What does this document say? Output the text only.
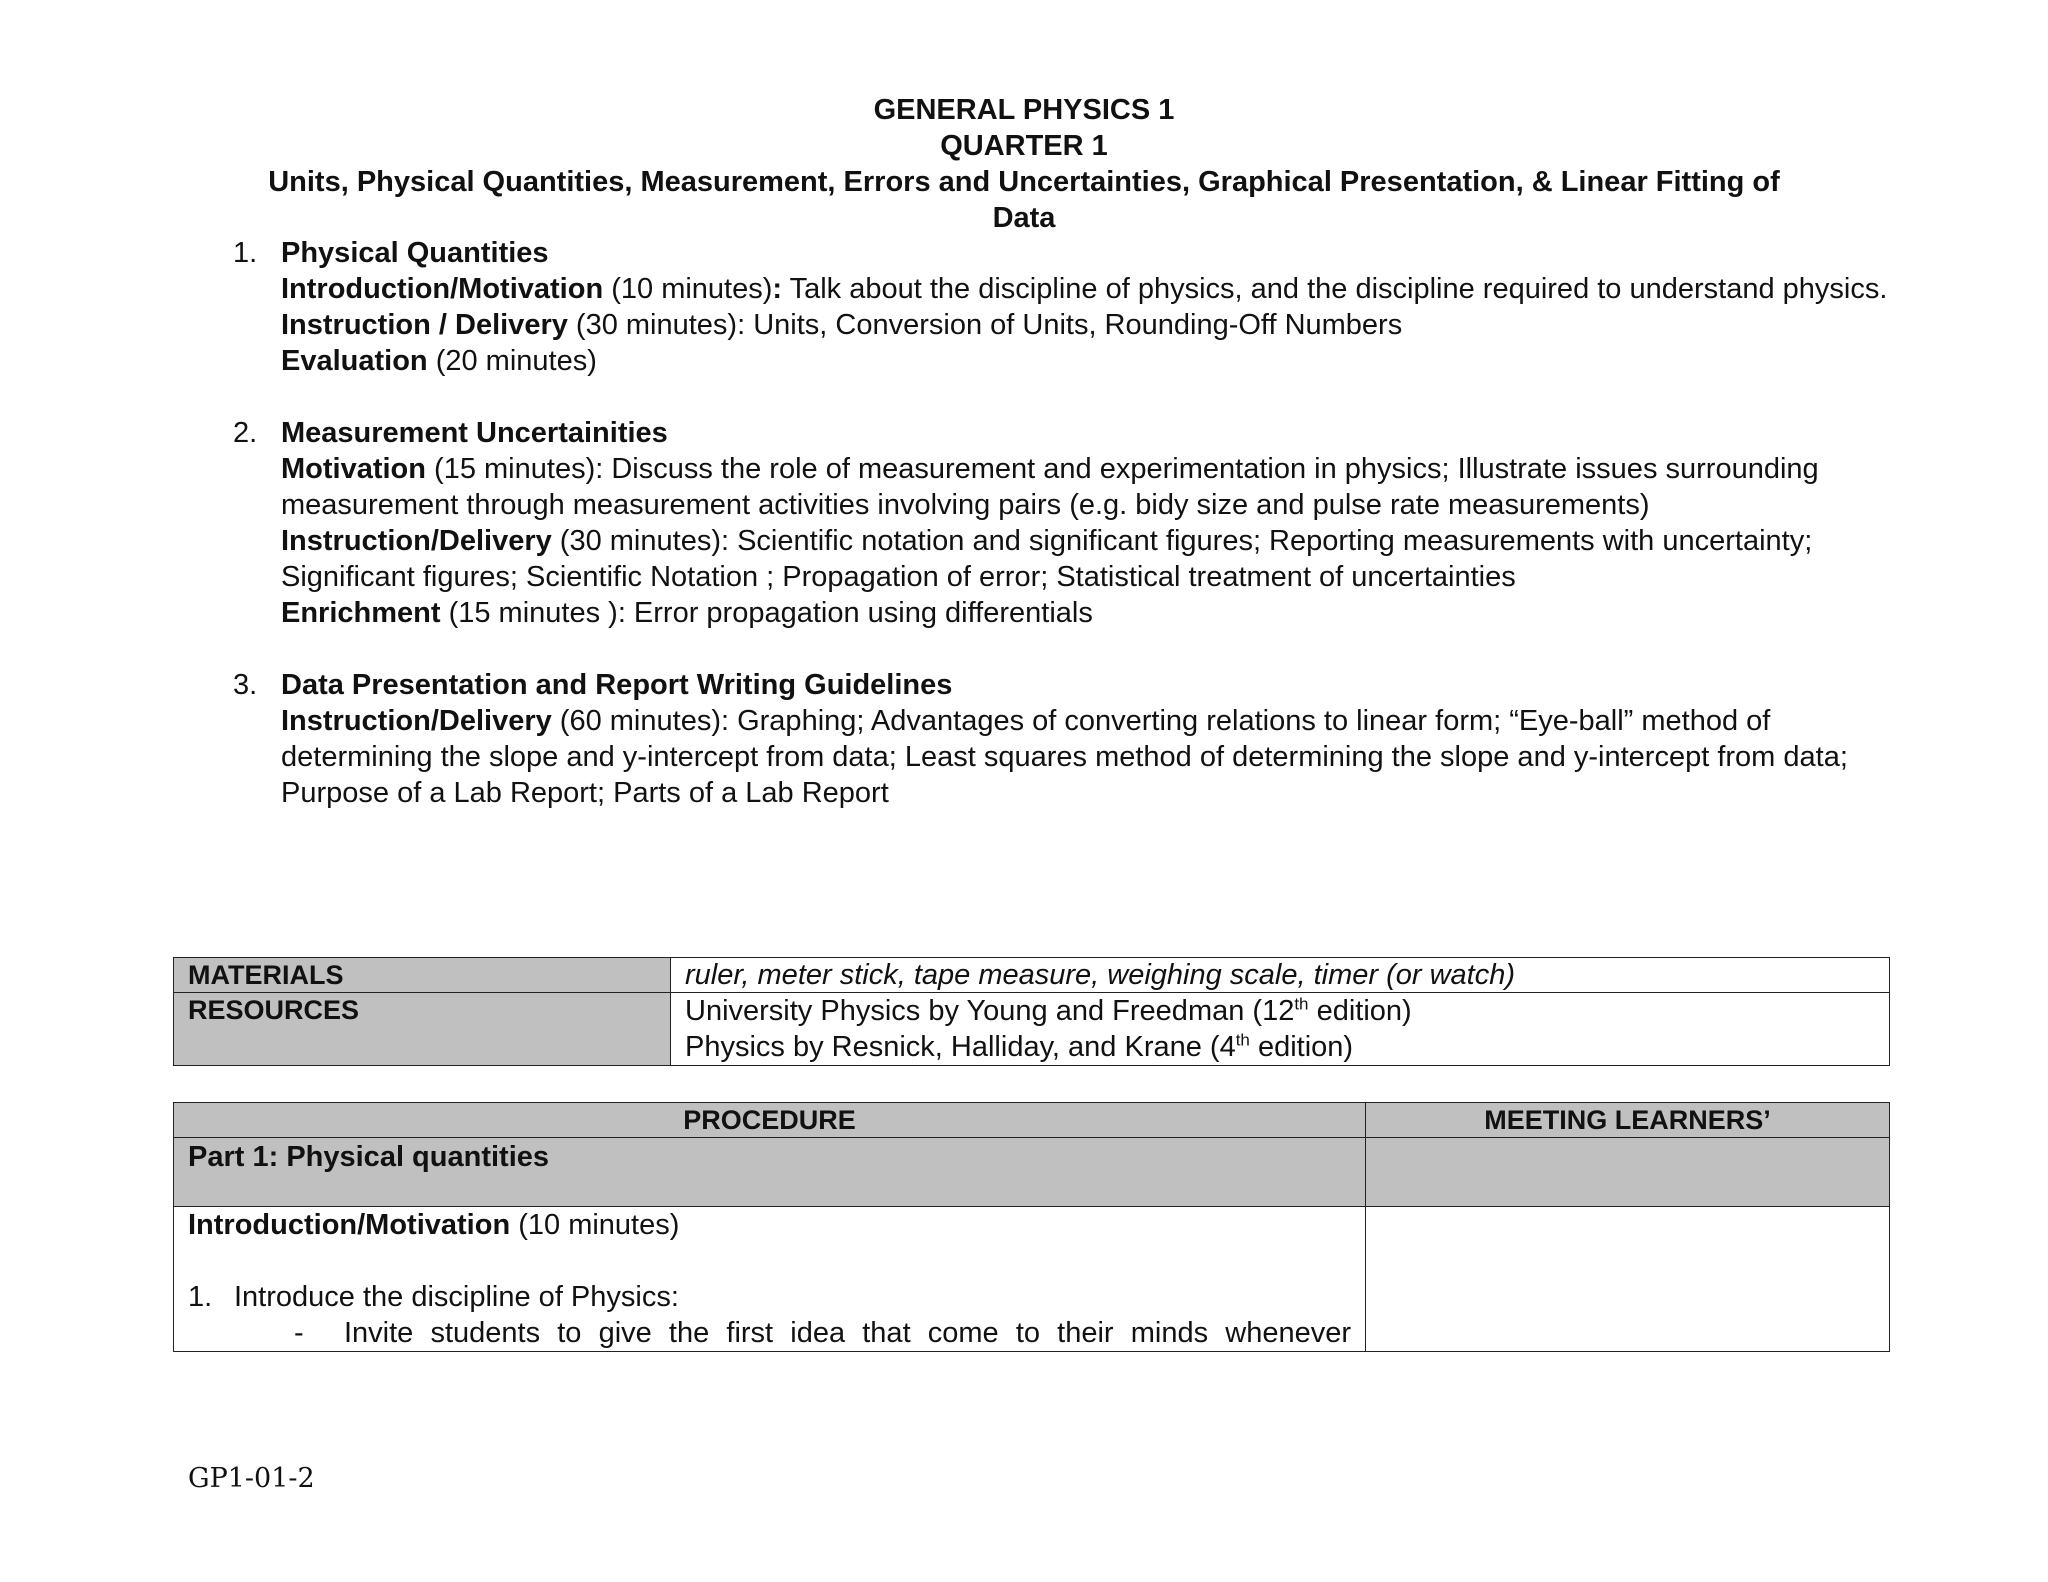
GENERAL PHYSICS 1
QUARTER 1
Units, Physical Quantities, Measurement, Errors and Uncertainties, Graphical Presentation, & Linear Fitting of
Data
1. Physical Quantities
Introduction/Motivation (10 minutes): Talk about the discipline of physics, and the discipline required to understand physics.
Instruction / Delivery (30 minutes): Units, Conversion of Units, Rounding-Off Numbers
Evaluation (20 minutes)
2. Measurement Uncertainities
Motivation (15 minutes): Discuss the role of measurement and experimentation in physics; Illustrate issues surrounding measurement through measurement activities involving pairs (e.g. bidy size and pulse rate measurements)
Instruction/Delivery (30 minutes): Scientific notation and significant figures; Reporting measurements with uncertainty; Significant figures; Scientific Notation ; Propagation of error; Statistical treatment of uncertainties
Enrichment (15 minutes ): Error propagation using differentials
3. Data Presentation and Report Writing Guidelines
Instruction/Delivery (60 minutes): Graphing; Advantages of converting relations to linear form; “Eye-ball” method of determining the slope and y-intercept from data; Least squares method of determining the slope and y-intercept from data; Purpose of a Lab Report; Parts of a Lab Report
MATERIALS	ruler, meter stick, tape measure, weighing scale, timer (or watch)
RESOURCES	University Physics by Young and Freedman (12th edition)
Physics by Resnick, Halliday, and Krane (4th edition)
PROCEDURE	MEETING LEARNERS’
Part 1: Physical quantities	

Introduction/Motivation (10 minutes)
1. Introduce the discipline of Physics:
- Invite students to give the first idea that come to their minds whenever	

GP1-01-2
